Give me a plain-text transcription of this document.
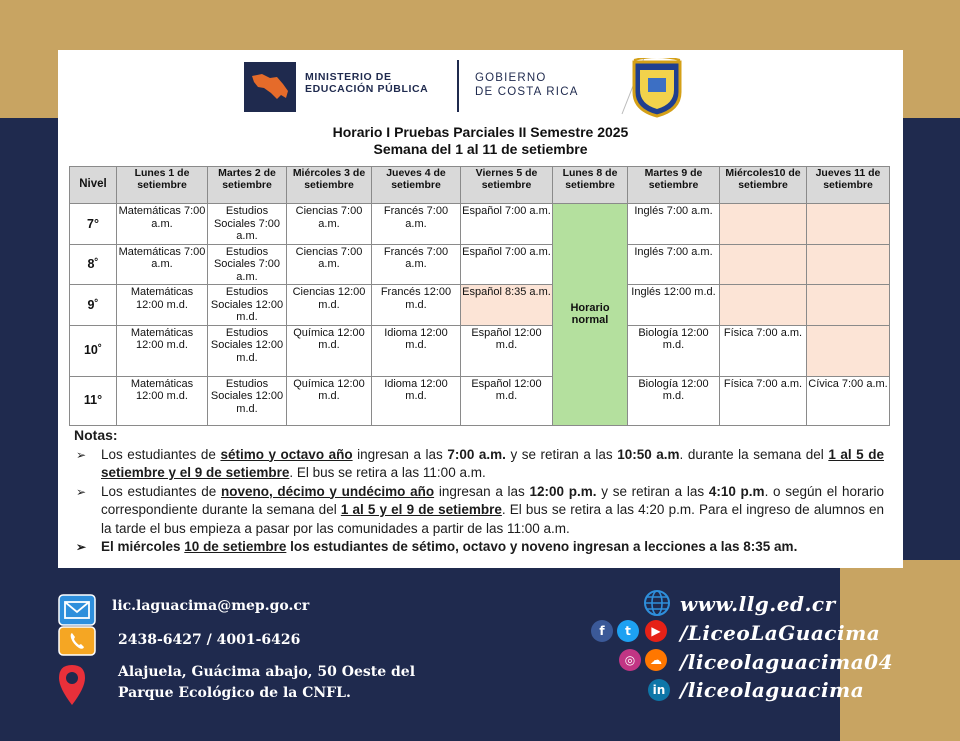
MINISTERIO DE
EDUCACIÓN PÚBLICA
GOBIERNO
DE COSTA RICA
Horario I Pruebas Parciales II Semestre 2025
Semana del 1 al 11 de setiembre
Nivel	Lunes 1 de setiembre	Martes 2 de setiembre	Miércoles 3 de setiembre	Jueves 4 de setiembre	Viernes 5 de setiembre	Lunes 8 de setiembre	Martes 9 de setiembre	Miércoles10 de setiembre	Jueves 11 de setiembre
7°	Matemáticas 7:00 a.m.	Estudios Sociales 7:00 a.m.	Ciencias 7:00 a.m.	Francés 7:00 a.m.	Español 7:00 a.m.	Horario normal	Inglés 7:00 a.m.		
8˚	Matemáticas 7:00 a.m.	Estudios Sociales 7:00 a.m.	Ciencias 7:00 a.m.	Francés 7:00 a.m.	Español 7:00 a.m.		Inglés 7:00 a.m.		
9˚	Matemáticas 12:00 m.d.	Estudios Sociales 12:00 m.d.	Ciencias 12:00 m.d.	Francés 12:00 m.d.	Español 8:35 a.m.		Inglés 12:00 m.d.		
10˚	Matemáticas 12:00 m.d.	Estudios Sociales 12:00 m.d.	Química 12:00 m.d.	Idioma 12:00 m.d.	Español 12:00 m.d.		Biología 12:00 m.d.	Física 7:00 a.m.	
11°	Matemáticas 12:00 m.d.	Estudios Sociales 12:00 m.d.	Química 12:00 m.d.	Idioma 12:00 m.d.	Español 12:00 m.d.		Biología 12:00 m.d.	Física 7:00 a.m.	Cívica 7:00 a.m.
Notas:
➢ Los estudiantes de sétimo y octavo año ingresan a las 7:00 a.m. y se retiran a las 10:50 a.m. durante la semana del 1 al 5 de setiembre y el 9 de setiembre. El bus se retira a las 11:00 a.m.
➢ Los estudiantes de noveno, décimo y undécimo año ingresan a las 12:00 p.m. y se retiran a las 4:10 p.m. o según el horario correspondiente durante la semana del 1 al 5 y el 9 de setiembre. El bus se retira a las 4:20 p.m. Para el ingreso de alumnos en la tarde el bus empieza a pasar por las comunidades a partir de las 11:00 a.m.
➢ El miércoles 10 de setiembre los estudiantes de sétimo, octavo y noveno ingresan a lecciones a las 8:35 am.
lic.laguacima@mep.go.cr
2438-6427 / 4001-6426
Alajuela, Guácima abajo, 50 Oeste del
Parque Ecológico de la CNFL.
www.llg.ed.cr
f	t	▶ /LiceoLaGuacima
◎	☁ /liceolaguacima04
in /liceolaguacima
